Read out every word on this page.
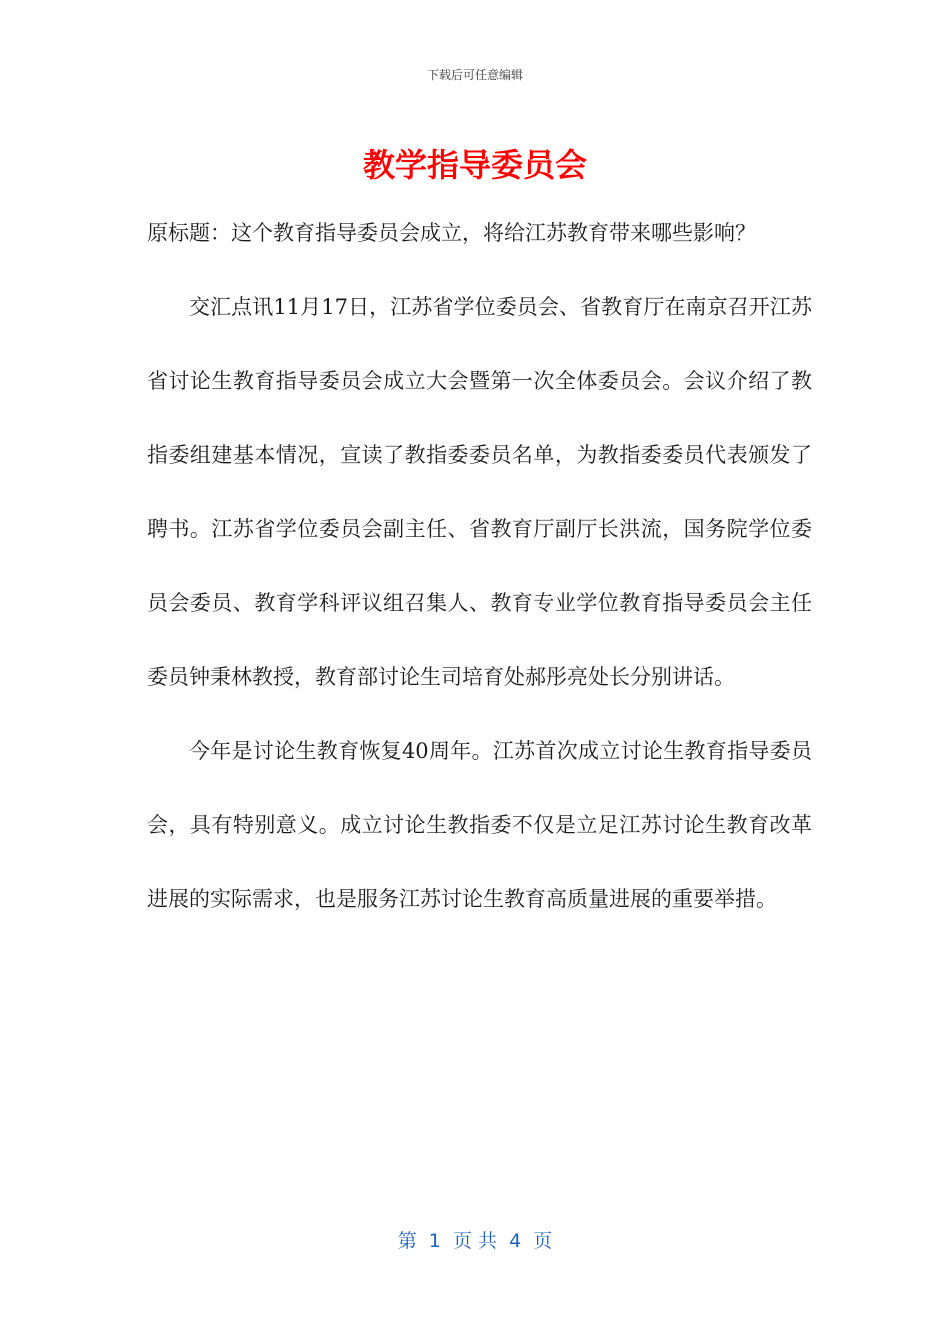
下载后可任意编辑
教学指导委员会

原标题：这个教育指导委员会成立，将给江苏教育带来哪些影响？

交汇点讯11月17日，江苏省学位委员会、省教育厅在南京召开江苏省讨论生教育指导委员会成立大会暨第一次全体委员会。会议介绍了教指委组建基本情况，宣读了教指委委员名单，为教指委委员代表颁发了聘书。江苏省学位委员会副主任、省教育厅副厅长洪流，国务院学位委员会委员、教育学科评议组召集人、教育专业学位教育指导委员会主任委员钟秉林教授，教育部讨论生司培育处郝彤亮处长分别讲话。

今年是讨论生教育恢复40周年。江苏首次成立讨论生教育指导委员会，具有特别意义。成立讨论生教指委不仅是立足江苏讨论生教育改革进展的实际需求，也是服务江苏讨论生教育高质量进展的重要举措。

第  1  页 共  4  页
